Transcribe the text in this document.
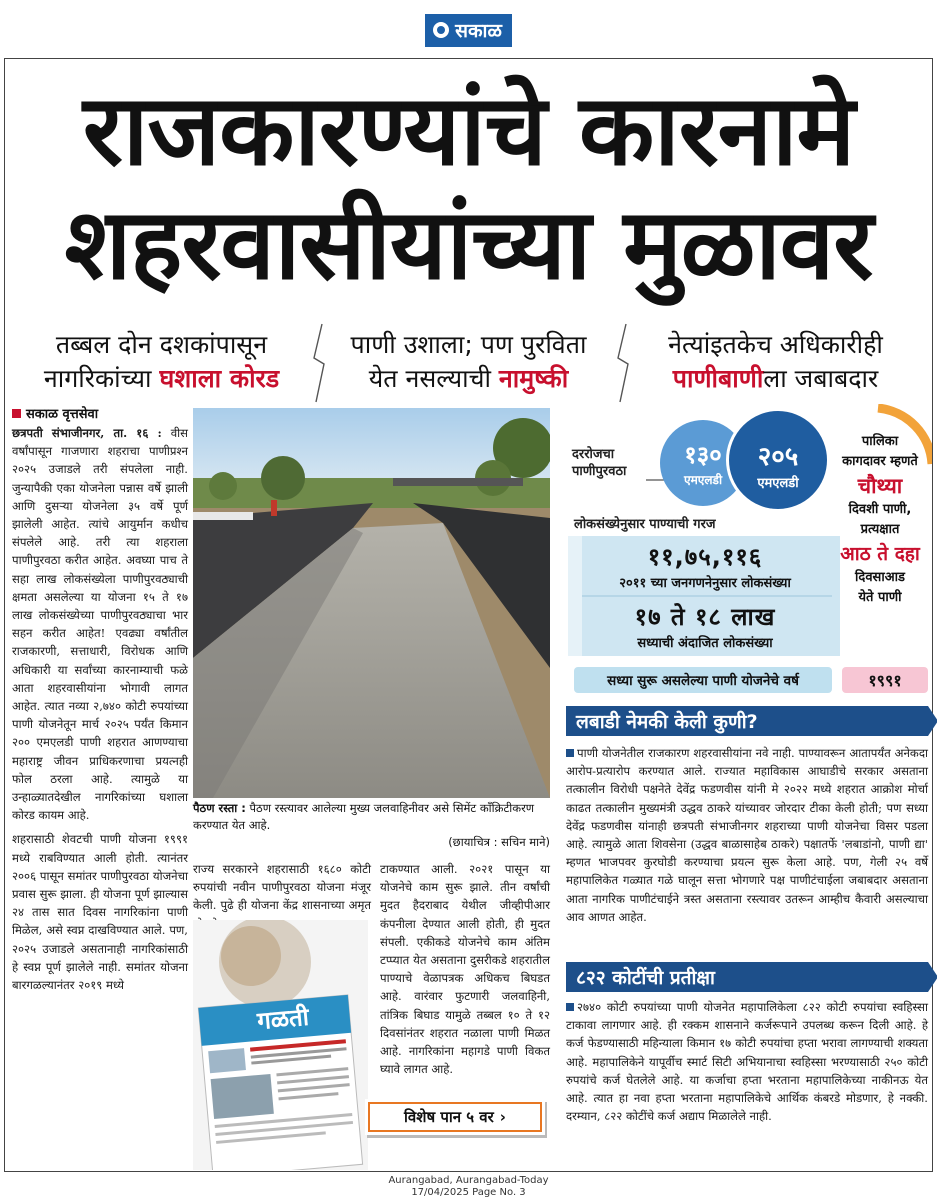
सकाळ
राजकारण्यांचे कारनामे
शहरवासीयांच्या मुळावर
तब्बल दोन दशकांपासून
नागरिकांच्या घशाला कोरड
पाणी उशाला; पण पुरविता
येत नसल्याची नामुष्की
नेत्यांइतकेच अधिकारीही
पाणीबाणीला जबाबदार
सकाळ वृत्तसेवा

छत्रपती संभाजीनगर, ता. १६ : वीस वर्षांपासून गाजणारा शहराचा पाणीप्रश्‍न २०२५ उजाडले तरी संपलेला नाही. जुन्यापैकी एका योजनेला पन्नास वर्षे झाली आणि दुसऱ्या योजनेला ३५ वर्षे पूर्ण झालेली आहेत. त्यांचे आयुर्मान कधीच संपलेले आहे. तरी त्या शहराला पाणीपुरवठा करीत आहेत. अवघ्या पाच ते सहा लाख लोकसंख्येला पाणीपुरवठ्याची क्षमता असलेल्या या योजना १५ ते १७ लाख लोकसंख्येच्या पाणीपुरवठ्याचा भार सहन करीत आहेत! एवढ्या वर्षांतील राजकारणी, सत्ताधारी, विरोधक आणि अधिकारी या सर्वांच्या कारनाम्याची फळे आता शहरवासीयांना भोगावी लागत आहेत. त्यात नव्या २,७४० कोटी रुपयांच्या पाणी योजनेतून मार्च २०२५ पर्यंत किमान २०० एमएलडी पाणी शहरात आणण्याचा महाराष्ट्र जीवन प्राधिकरणाचा प्रयत्नही फोल ठरला आहे. त्यामुळे या उन्हाळ्यातदेखील नागरिकांच्या घशाला कोरड कायम आहे.

शहरासाठी शेवटची पाणी योजना १९९१ मध्ये राबविण्यात आली होती. त्यानंतर २००६ पासून समांतर पाणीपुरवठा योजनेचा प्रवास सुरू झाला. ही योजना पूर्ण झाल्यास २४ तास सात दिवस नागरिकांना पाणी मिळेल, असे स्वप्न दाखविण्यात आले. पण, २०२५ उजाडले असतानाही नागरिकांसाठी हे स्वप्न पूर्ण झालेले नाही. समांतर योजना बारगळल्यानंतर २०१९ मध्ये

पैठण रस्ता : पैठण रस्त्यावर आलेल्या मुख्य जलवाहिनीवर असे सिमेंट कॉंक्रिटीकरण करण्यात येत आहे.
(छायाचित्र : सचिन माने)
राज्य सरकारने शहरासाठी १६८० कोटी रुपयांची नवीन पाणीपुरवठा योजना मंजूर केली. पुढे ही योजना केंद्र शासनाच्या अमृत
टाकण्यात आली. २०२१ पासून या योजनेचे काम सुरू झाले. तीन वर्षांची मुदत हैदराबाद येथील जीव्हीपीआर कंपनीला देण्यात आली होती, ही मुदत संपली. एकीकडे योजनेचे काम अंतिम टप्प्यात येत असताना दुसरीकडे शहरातील पाण्याचे वेळापत्रक अधिकच बिघडत आहे. वारंवार फुटणारी जलवाहिनी, तांत्रिक बिघाड यामुळे तब्बल १० ते १२ दिवसांनंतर शहरात नळाला पाणी मिळत आहे. नागरिकांना महागडे पाणी विकत घ्यावे लागत आहे.
गळती
विशेष पान ५ वर ›
दररोजचा पाणीपुरवठा
१३०
एमएलडी
२०५
एमएलडी
लोकसंख्येनुसार पाण्याची गरज
११,७५,११६
२०११ च्या जनगणनेनुसार लोकसंख्या
१७ ते १८ लाख
सध्याची अंदाजित लोकसंख्या
पालिका
कागदावर म्हणते
चौथ्या
दिवशी पाणी,
प्रत्यक्षात
आठ ते दहा
दिवसाआड
येते पाणी
सध्या सुरू असलेल्या पाणी योजनेचे वर्ष	१९९१
लबाडी नेमकी केली कुणी?
पाणी योजनेतील राजकारण शहरवासीयांना नवे नाही. पाण्यावरून आतापर्यंत अनेकदा आरोप-प्रत्यारोप करण्यात आले. राज्यात महाविकास आघाडीचे सरकार असताना तत्कालीन विरोधी पक्षनेते देवेंद्र फडणवीस यांनी मे २०२२ मध्ये शहरात आक्रोश मोर्चा काढत तत्कालीन मुख्यमंत्री उद्धव ठाकरे यांच्यावर जोरदार टीका केली होती; पण सध्या देवेंद्र फडणवीस यांनाही छत्रपती संभाजीनगर शहराच्या पाणी योजनेचा विसर पडला आहे. त्यामुळे आता शिवसेना (उद्धव बाळासाहेब ठाकरे) पक्षातर्फे 'लबाडांनो, पाणी द्या' म्हणत भाजपवर कुरघोडी करण्याचा प्रयत्न सुरू केला आहे. पण, गेली २५ वर्षे महापालिकेत गळ्यात गळे घालून सत्ता भोगणारे पक्ष पाणीटंचाईला जबाबदार असताना आता नागरिक पाणीटंचाईने त्रस्त असताना रस्त्यावर उतरून आम्हीच कैवारी असल्याचा आव आणत आहेत.
८२२ कोटींची प्रतीक्षा
२७४० कोटी रुपयांच्या पाणी योजनेत महापालिकेला ८२२ कोटी रुपयांचा स्वहिस्सा टाकावा लागणार आहे. ही रक्कम शासनाने कर्जरूपाने उपलब्ध करून दिली आहे. हे कर्ज फेडण्यासाठी महिन्याला किमान १७ कोटी रुपयांचा हप्ता भरावा लागण्याची शक्यता आहे. महापालिकेने यापूर्वीच स्मार्ट सिटी अभियानाचा स्वहिस्सा भरण्यासाठी २५० कोटी रुपयांचे कर्ज घेतलेले आहे. या कर्जाचा हप्ता भरताना महापालिकेच्या नाकीनऊ येत आहे. त्यात हा नवा हप्ता भरताना महापालिकेचे आर्थिक कंबरडे मोडणार, हे नक्की. दरम्यान, ८२२ कोटींचे कर्ज अद्याप मिळालेले नाही.
Aurangabad, Aurangabad-Today
17/04/2025 Page No. 3
